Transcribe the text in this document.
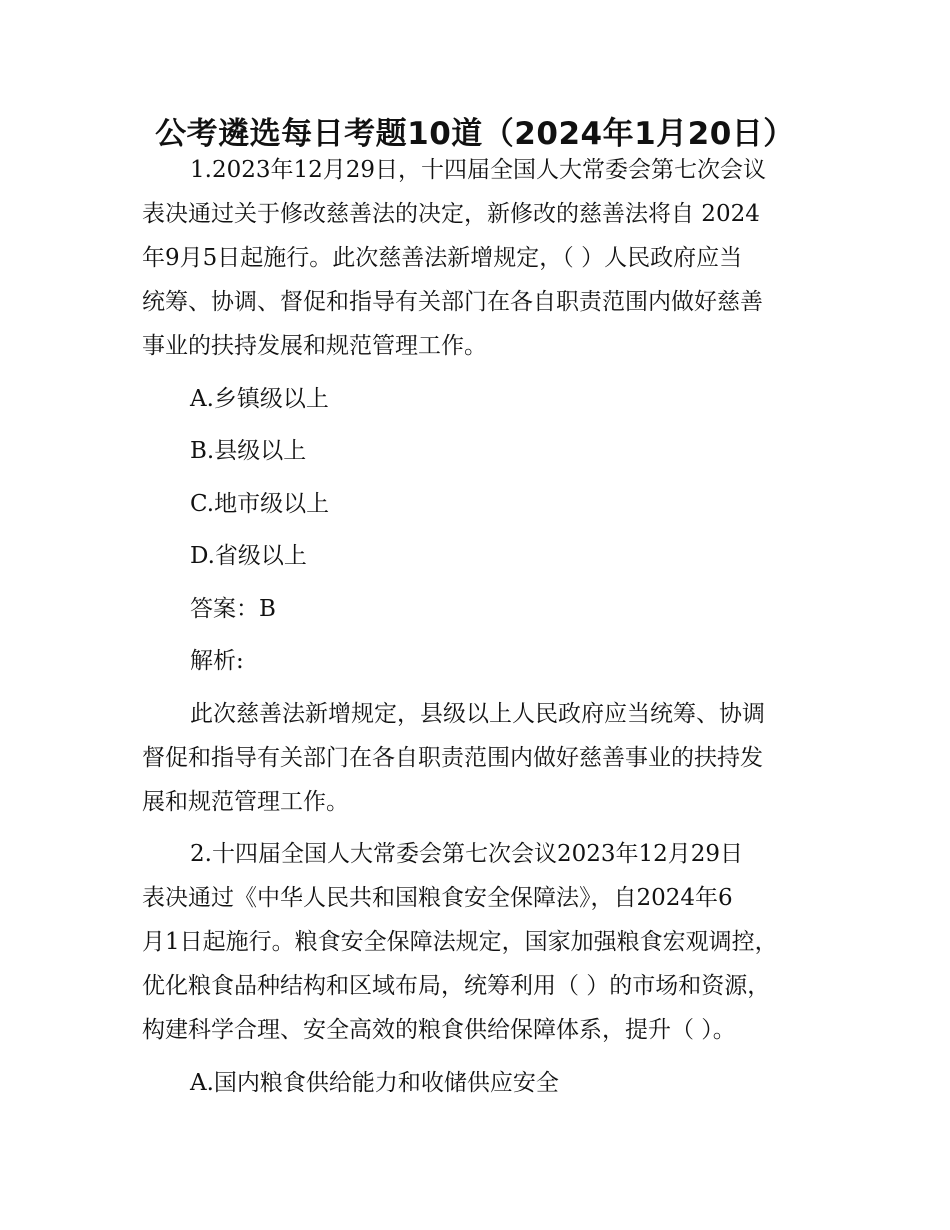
公考遴选每日考题10道（2024年1月20日）

1.2023年12月29日，十四届全国人大常委会第七次会议
表决通过关于修改慈善法的决定，新修改的慈善法将自 2024
年9月5日起施行。此次慈善法新增规定，（ ）人民政府应当
统筹、协调、督促和指导有关部门在各自职责范围内做好慈善
事业的扶持发展和规范管理工作。

A.乡镇级以上

B.县级以上

C.地市级以上

D.省级以上

答案：B

解析:

此次慈善法新增规定，县级以上人民政府应当统筹、协调
督促和指导有关部门在各自职责范围内做好慈善事业的扶持发
展和规范管理工作。

2.十四届全国人大常委会第七次会议2023年12月29日
表决通过《中华人民共和国粮食安全保障法》，自2024年6
月1日起施行。粮食安全保障法规定，国家加强粮食宏观调控，
优化粮食品种结构和区域布局，统筹利用（ ）的市场和资源，
构建科学合理、安全高效的粮食供给保障体系，提升（ ）。

A.国内粮食供给能力和收储供应安全
